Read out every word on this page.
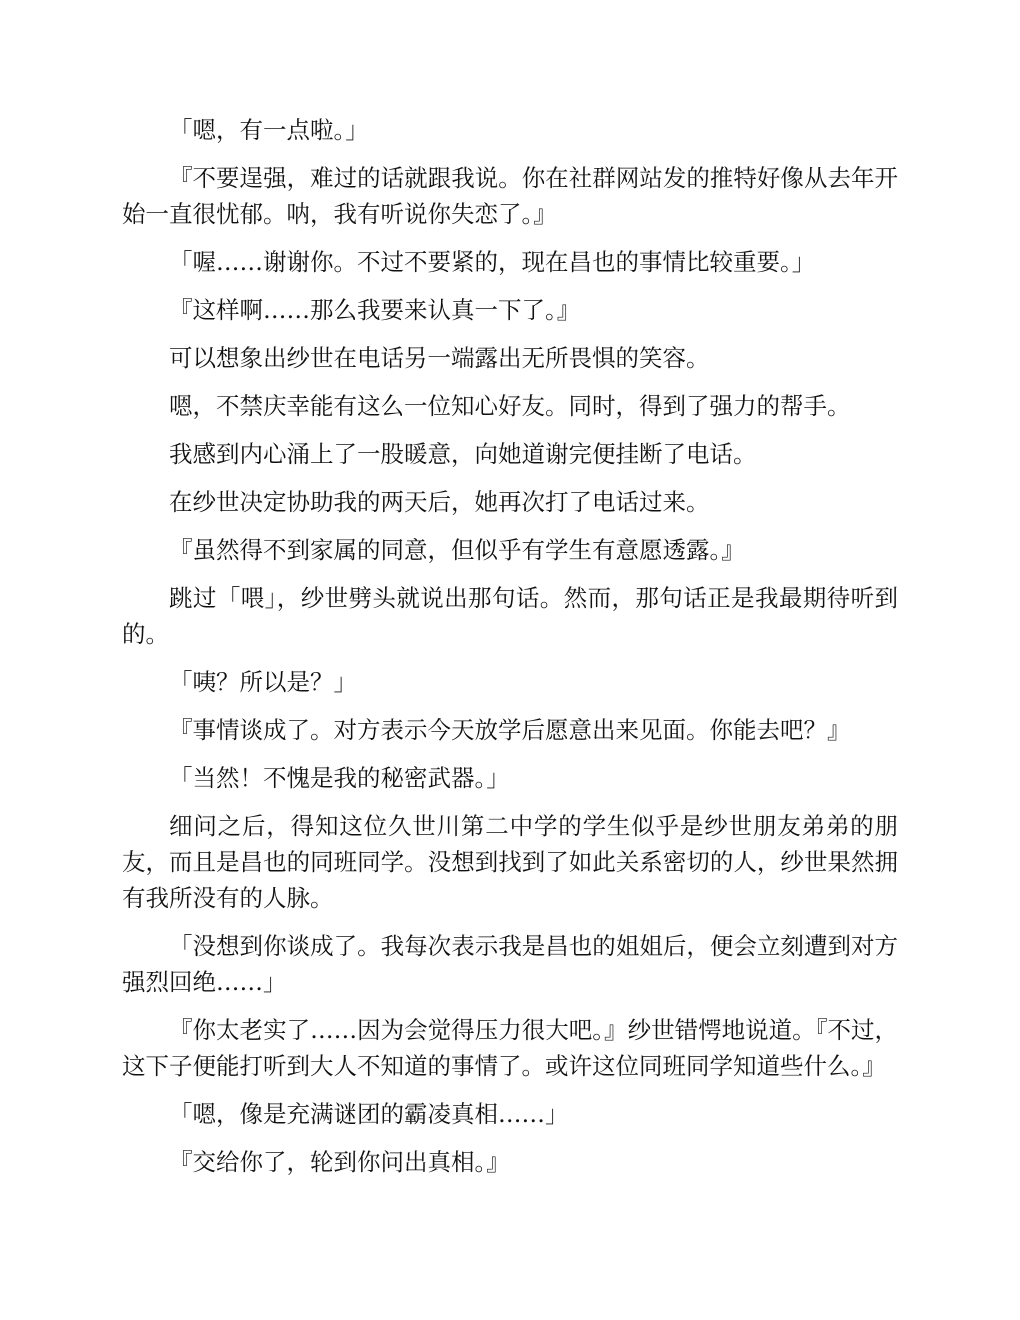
「嗯，有一点啦。」

『不要逞强，难过的话就跟我说。你在社群网站发的推特好像从去年开始一直很忧郁。呐，我有听说你失恋了。』

「喔……谢谢你。不过不要紧的，现在昌也的事情比较重要。」

『这样啊……那么我要来认真一下了。』

可以想象出纱世在电话另一端露出无所畏惧的笑容。

嗯，不禁庆幸能有这么一位知心好友。同时，得到了强力的帮手。

我感到内心涌上了一股暖意，向她道谢完便挂断了电话。

在纱世决定协助我的两天后，她再次打了电话过来。

『虽然得不到家属的同意，但似乎有学生有意愿透露。』

跳过「喂」，纱世劈头就说出那句话。然而，那句话正是我最期待听到的。

「咦？所以是？」

『事情谈成了。对方表示今天放学后愿意出来见面。你能去吧？』

「当然！不愧是我的秘密武器。」

细问之后，得知这位久世川第二中学的学生似乎是纱世朋友弟弟的朋友，而且是昌也的同班同学。没想到找到了如此关系密切的人，纱世果然拥有我所没有的人脉。

「没想到你谈成了。我每次表示我是昌也的姐姐后，便会立刻遭到对方强烈回绝……」

『你太老实了……因为会觉得压力很大吧。』纱世错愕地说道。『不过，这下子便能打听到大人不知道的事情了。或许这位同班同学知道些什么。』

「嗯，像是充满谜团的霸凌真相……」

『交给你了，轮到你问出真相。』
